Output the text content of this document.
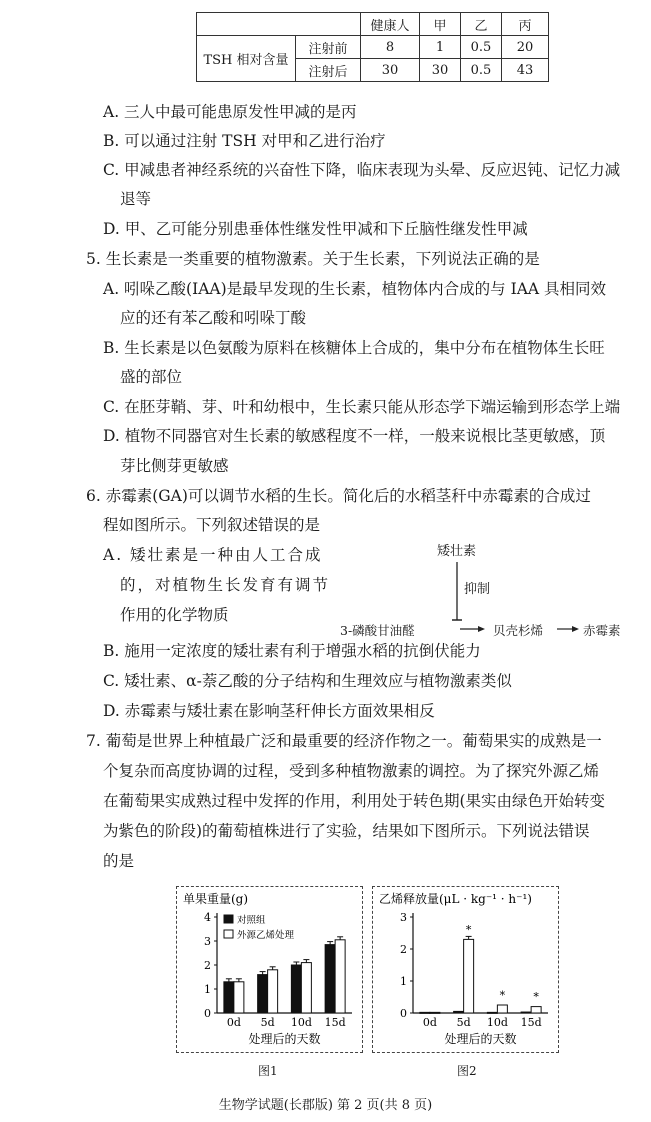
		健康人	甲	乙	丙
TSH 相对含量	注射前	8	1	0.5	20
	注射后	30	30	0.5	43
A. 三人中最可能患原发性甲减的是丙
B. 可以通过注射 TSH 对甲和乙进行治疗
C. 甲减患者神经系统的兴奋性下降，临床表现为头晕、反应迟钝、记忆力减
退等
D. 甲、乙可能分别患垂体性继发性甲减和下丘脑性继发性甲减
5. 生长素是一类重要的植物激素。关于生长素，下列说法正确的是
A. 吲哚乙酸(IAA)是最早发现的生长素，植物体内合成的与 IAA 具相同效
应的还有苯乙酸和吲哚丁酸
B. 生长素是以色氨酸为原料在核糖体上合成的，集中分布在植物体生长旺
盛的部位
C. 在胚芽鞘、芽、叶和幼根中，生长素只能从形态学下端运输到形态学上端
D. 植物不同器官对生长素的敏感程度不一样，一般来说根比茎更敏感，顶
芽比侧芽更敏感
6. 赤霉素(GA)可以调节水稻的生长。简化后的水稻茎秆中赤霉素的合成过
程如图所示。下列叙述错误的是
A. 矮壮素是一种由人工合成
的，对植物生长发育有调节
作用的化学物质
矮壮素
抑制
3-磷酸甘油醛	贝壳杉烯	赤霉素
B. 施用一定浓度的矮壮素有利于增强水稻的抗倒伏能力
C. 矮壮素、α-萘乙酸的分子结构和生理效应与植物激素类似
D. 赤霉素与矮壮素在影响茎秆伸长方面效果相反
7. 葡萄是世界上种植最广泛和最重要的经济作物之一。葡萄果实的成熟是一
个复杂而高度协调的过程，受到多种植物激素的调控。为了探究外源乙烯
在葡萄果实成熟过程中发挥的作用，利用处于转色期(果实由绿色开始转变
为紫色的阶段)的葡萄植株进行了实验，结果如下图所示。下列说法错误
的是
单果重量(g)
0
1
2
3
4
0d 5d 10d 15d
处理后的天数
对照组
外源乙烯处理
乙烯释放量(μL · kg⁻¹ · h⁻¹)
0
1
2
3
0d
*
5d
*
10d
*
15d
处理后的天数
图1	图2
生物学试题(长郡版) 第 2 页(共 8 页)
